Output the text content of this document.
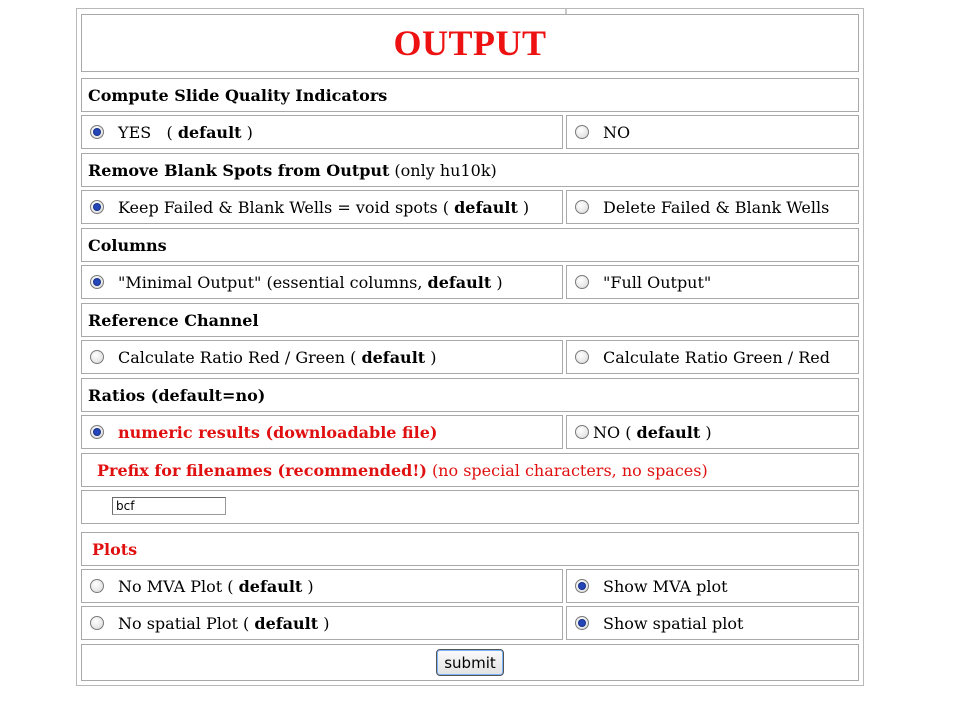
OUTPUT
Compute Slide Quality Indicators
YES ( default )	NO
Remove Blank Spots from Output (only hu10k)
Keep Failed & Blank Wells = void spots ( default )	Delete Failed & Blank Wells
Columns
"Minimal Output" (essential columns, default )	"Full Output"
Reference Channel
Calculate Ratio Red / Green ( default )	Calculate Ratio Green / Red
Ratios (default=no)
numeric results (downloadable file)	NO ( default )
Prefix for filenames (recommended!) (no special characters, no spaces)
bcf
Plots
No MVA Plot ( default )	Show MVA plot
No spatial Plot ( default )	Show spatial plot
submit
